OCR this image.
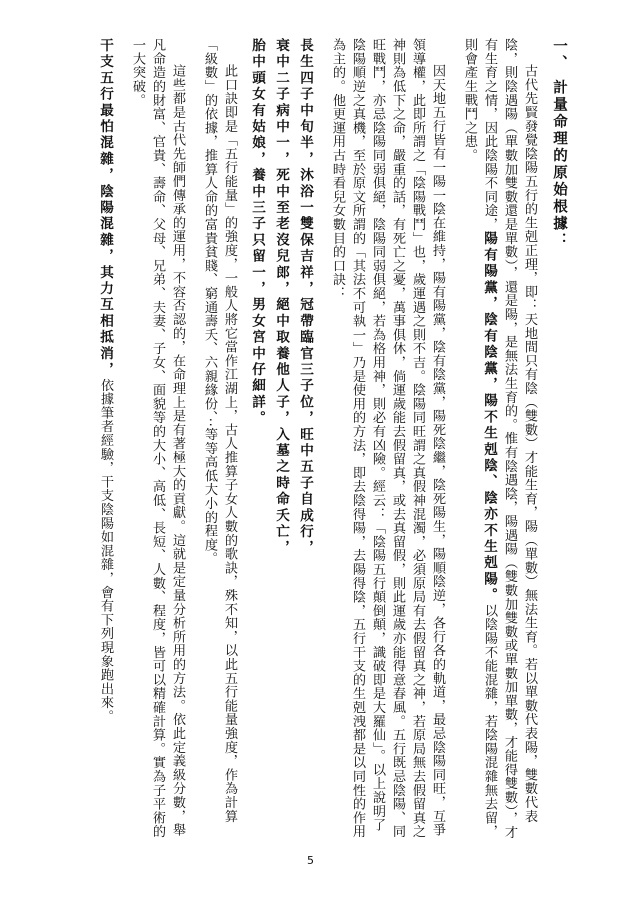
一、 計量命理的原始根據：

古代先賢發覺陰陽五行的生剋正理，即：天地間只有陰（雙數）才能生育，陽（單數）無法生育。若以單數代表陽，雙數代表陰，則陰遇陽（單數加雙數還是單數），還是陽，是無法生育的。惟有陰遇陰，陽遇陽（雙數加雙數或單數加單數，才能得雙數），才有生育之情，因此陰陽不同途，陽有陽黨，陰有陰黨，陽不生剋陰、陰亦不生剋陽。以陰陽不能混雜，若陰陽混雜無去留，則會產生戰鬥之患。

因天地五行皆有一陽一陰在維持，陽有陽黨，陰有陰黨，陽死陰繼，陰死陽生，陽順陰逆，各行各的軌道，最忌陰陽同旺，互爭領導權，此即所謂之「陰陽戰鬥」也，歲運遇之則不吉。陰陽同旺謂之真假神混濁，必須原局有去假留真之神，若原局無去假留真之神則為低下之命，嚴重的話，有死亡之憂，萬事俱休，倘運歲能去假留真，或去真留假，則此運歲亦能得意春風。五行既忌陰陽、同旺戰鬥，亦忌陰陽同弱俱絕，陰陽同弱俱絕，若為格用神，則必有凶險。經云：「陰陽五行顛倒顛，識破即是大羅仙」。以上說明了陰陽順逆之真機，至於原文所謂的「其法不可執一」乃是使用的方法，即去陰得陽，去陽得陰，五行干支的生剋洩都是以同性的作用為主的。他更運用古時看兒女數目的口訣：

長生四子中旬半，沐浴一雙保吉祥，冠帶臨官三子位，旺中五子自成行，

衰中二子病中一，死中至老沒兒郎，絕中取養他人子，入墓之時命夭亡，

胎中頭女有姑娘，養中三子只留一，男女宮中仔細詳。

此口訣即是「五行能量」的強度，一般人將它當作江湖上，古人推算子女人數的歌訣，殊不知，以此五行能量強度，作為計算「級數」的依據，推算人命的富貴貧賤、窮通壽夭、六親緣份、‧‧等等高低大小的程度。

這些都是古代先師們傳承的運用，不容否認的，在命理上是有著極大的貢獻。這就是定量分析所用的方法。依此定義級分數，舉凡命造的財富、官貴、壽命、父母、兄弟、夫妻、子女、面貌等的大小、高低、長短、人數、程度，皆可以精確計算。實為子平術的一大突破。

干支五行最怕混雜，陰陽混雜，其力互相抵消，依據筆者經驗，干支陰陽如混雜，會有下列現象跑出來。

5
